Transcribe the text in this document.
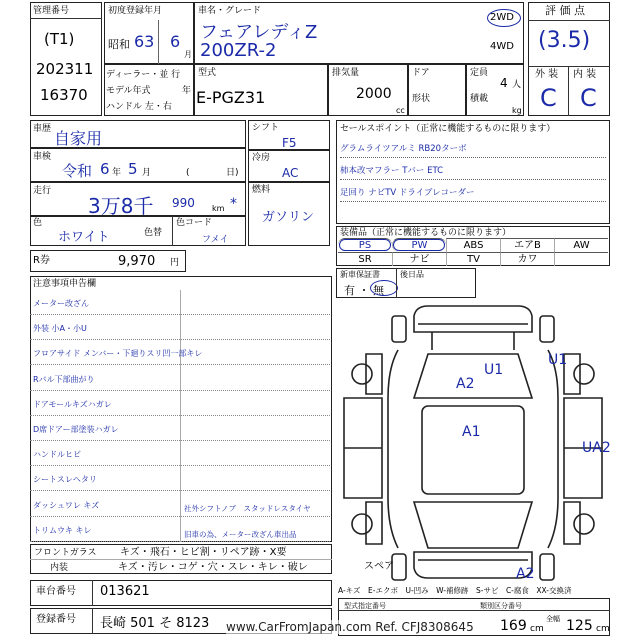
管理番号
(T1)
202311
16370
初度登録年月
昭和 63 6
月
車名・グレード
フェアレディZ
200ZR-2
2WD
4WD
評 価 点
(3.5)
外 装 内 装
C C
ディーラー・並 行
モデル年式	年
ハンドル 左・右
型式
E-PGZ31
排気量
2000
cc
ドア
形状
定員
4 人
積載
kg
車歴 自家用
車検
令和 6 年 5 月	(	日)
走行
3万8千 990 km *
色
ホワイト	色替
色コード
フメイ
R券	9,970 円
シフト
F5
冷房
AC
燃料
ガソリン
セールスポイント（正常に機能するものに限ります）
グラムライツアルミ RB20ターボ
柿本改マフラー Tバー ETC
足回り ナビTV ドライブレコーダー
装備品（正常に機能するものに限ります）
PS	PW	ABS	エアB	AW
SR	ナビ	TV	カワ
新車保証書
有 ・ 無
後日品
注意事項申告欄
メーター改ざん
外装 小A・小U
フロアサイド メンバー・下廻りスリ凹一部キレ
Rバル下部曲がり
ドアモールキズハガレ
D席ドアー部塗装ハガレ
ハンドルヒビ
シートスレヘタリ
ダッシュワレ キズ
トリムウキ キレ
社外シフトノブ　スタッドレスタイヤ
旧車の為、メーター改ざん車出品
フロントガラス キズ・飛石・ヒビ割・リペア跡・X要
内装	キズ・汚レ・コゲ・穴・スレ・キレ・破レ
車台番号 013621
登録番号 長崎 501 そ 8123
U1
A2
U1
A1
UA2
A2
スペア
A-キズ　E-エクボ　U-凹み　W-補修跡　S-サビ　C-腐食　XX-交換済
型式指定番号	類別区分番号
169 cm
全幅 125 cm
www.CarFromJapan.com Ref. CFJ8308645
